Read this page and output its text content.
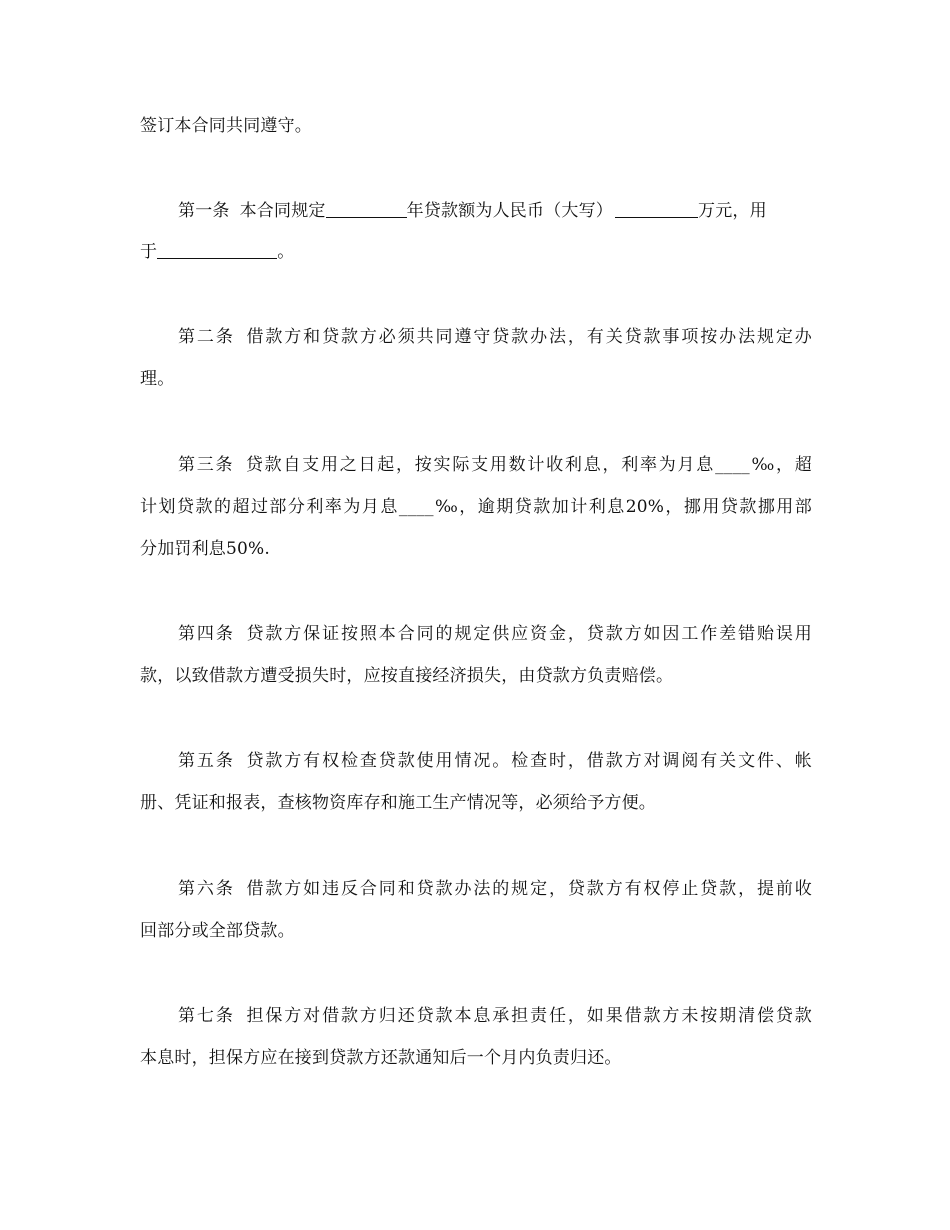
签订本合同共同遵守。
第一条 本合同规定	年贷款额为人民币（大写）	万元，用
于	。
第二条 借款方和贷款方必须共同遵守贷款办法，有关贷款事项按办法规定办
理。
第三条 贷款自支用之日起，按实际支用数计收利息，利率为月息____‰，超
计划贷款的超过部分利率为月息____‰，逾期贷款加计利息20%，挪用贷款挪用部
分加罚利息50%.
第四条 贷款方保证按照本合同的规定供应资金，贷款方如因工作差错贻误用
款，以致借款方遭受损失时，应按直接经济损失，由贷款方负责赔偿。
第五条 贷款方有权检查贷款使用情况。检查时，借款方对调阅有关文件、帐
册、凭证和报表，查核物资库存和施工生产情况等，必须给予方便。
第六条 借款方如违反合同和贷款办法的规定，贷款方有权停止贷款，提前收
回部分或全部贷款。
第七条 担保方对借款方归还贷款本息承担责任，如果借款方未按期清偿贷款
本息时，担保方应在接到贷款方还款通知后一个月内负责归还。
